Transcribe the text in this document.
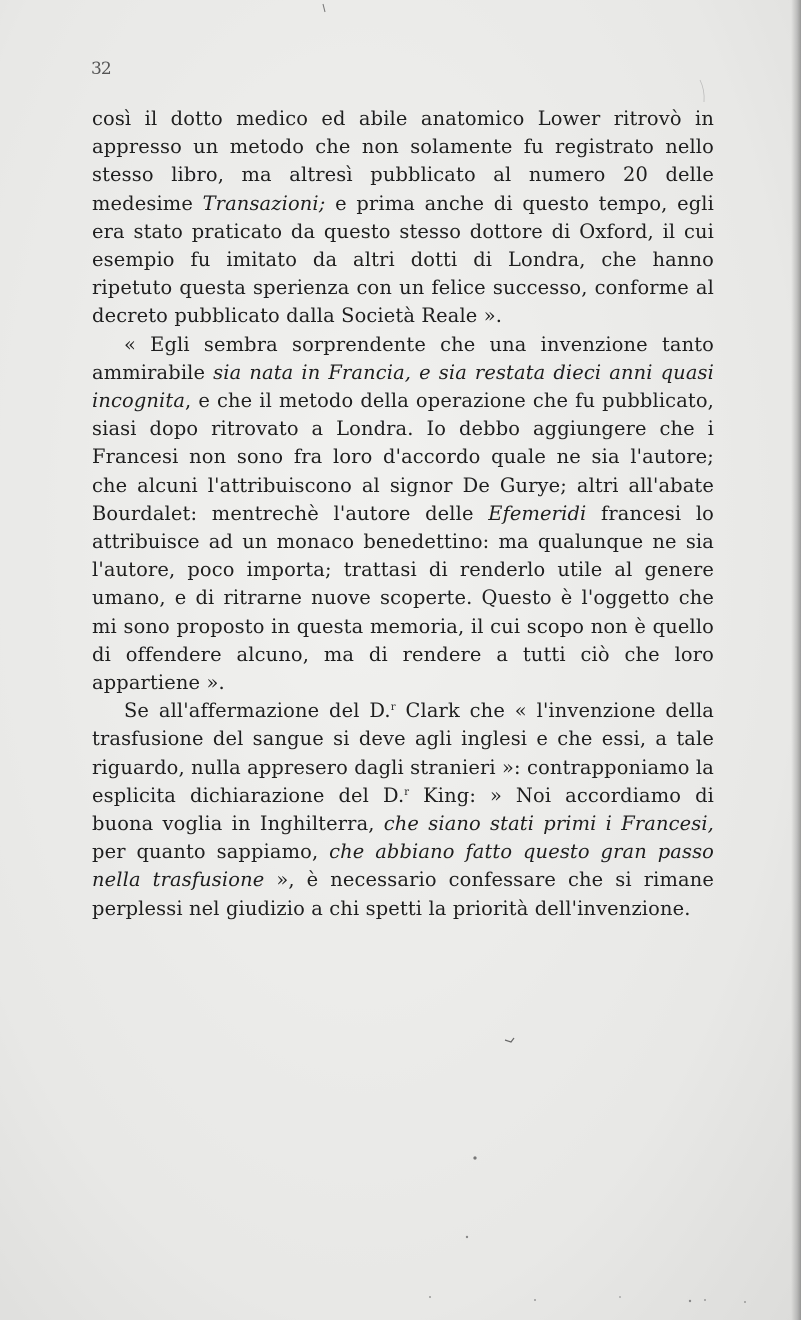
32

così il dotto medico ed abile anatomico Lower ritrovò in appresso un metodo che non solamente fu registrato nello stesso libro, ma altresì pubblicato al numero 20 delle medesime Transazioni; e prima anche di questo tempo, egli era stato praticato da questo stesso dottore di Oxford, il cui esempio fu imitato da altri dotti di Londra, che hanno ripetuto questa sperienza con un felice successo, conforme al decreto pubblicato dalla Società Reale ».

« Egli sembra sorprendente che una invenzione tanto ammirabile sia nata in Francia, e sia restata dieci anni quasi incognita, e che il metodo della operazione che fu pubblicato, siasi dopo ritrovato a Londra. Io debbo aggiungere che i Francesi non sono fra loro d'accordo quale ne sia l'autore; che alcuni l'attribuiscono al signor De Gurye; altri all'abate Bourdalet: mentrechè l'autore delle Efemeridi francesi lo attribuisce ad un monaco benedettino: ma qualunque ne sia l'autore, poco importa; trattasi di renderlo utile al genere umano, e di ritrarne nuove scoperte. Questo è l'oggetto che mi sono proposto in questa memoria, il cui scopo non è quello di offendere alcuno, ma di rendere a tutti ciò che loro appartiene ».

Se all'affermazione del D.$^r$ Clark che « l'invenzione della trasfusione del sangue si deve agli inglesi e che essi, a tale riguardo, nulla appresero dagli stranieri »: contrapponiamo la esplicita dichiarazione del D.$^r$ King: » Noi accordiamo di buona voglia in Inghilterra, che siano stati primi i Francesi, per quanto sappiamo, che abbiano fatto questo gran passo nella trasfusione », è necessario confessare che si rimane perplessi nel giudizio a chi spetti la priorità dell'invenzione.
